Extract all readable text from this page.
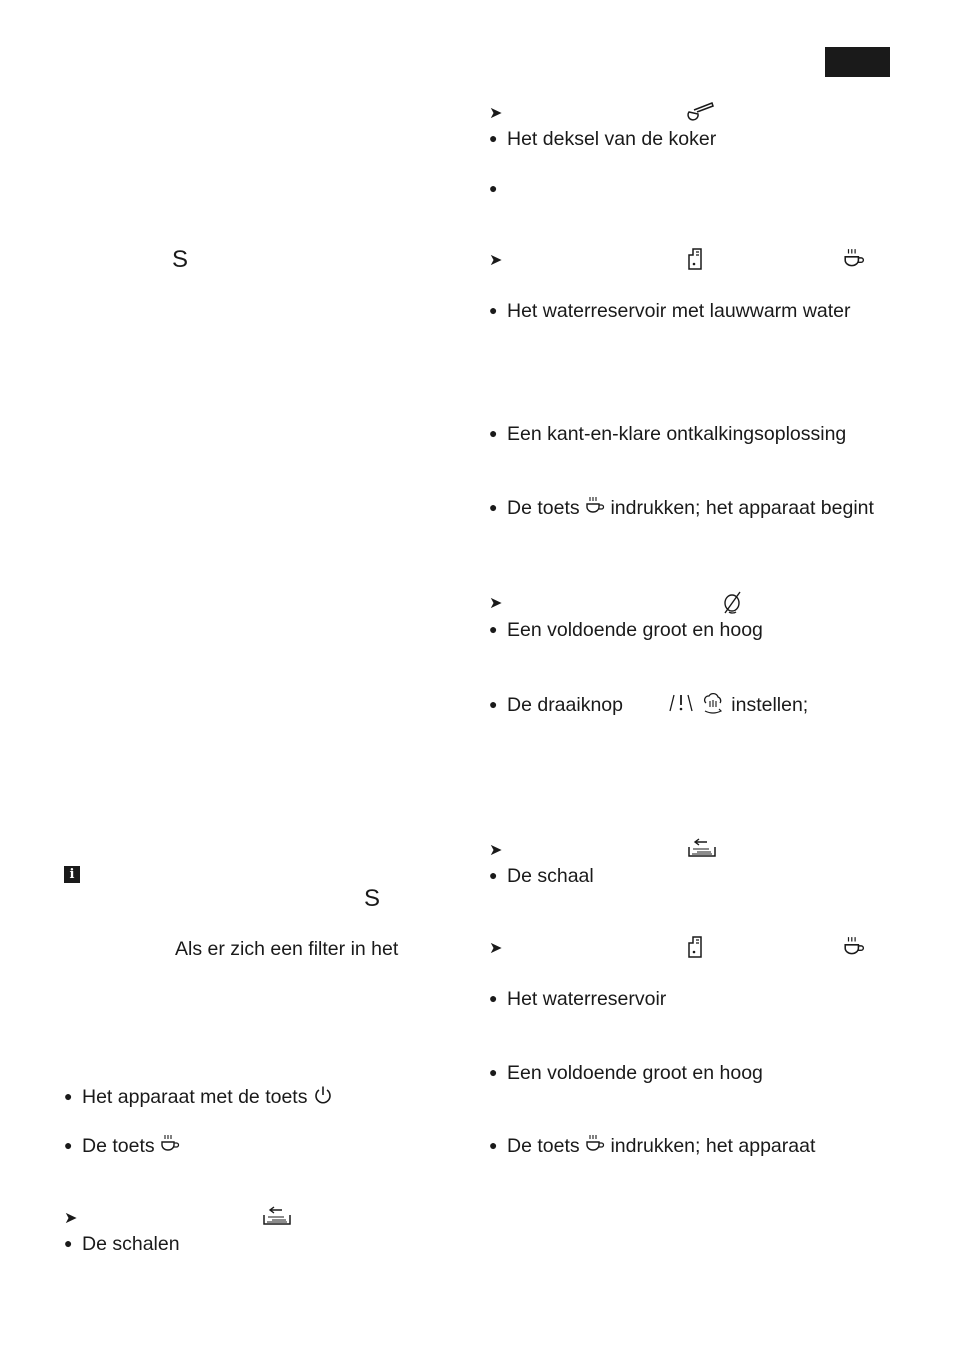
S
i
S
Als er zich een filter in het
● Het apparaat met de toets
● De toets
➤
● De schalen
➤
● Het deksel van de koker
●
➤
● Het waterreservoir met lauwwarm water
● Een kant-en-klare ontkalkingsoplossing
● De toets indrukken; het apparaat begint
➤
● Een voldoende groot en hoog
● De draaiknop	instellen;
➤
● De schaal
➤
● Het waterreservoir
● Een voldoende groot en hoog
● De toets indrukken; het apparaat
